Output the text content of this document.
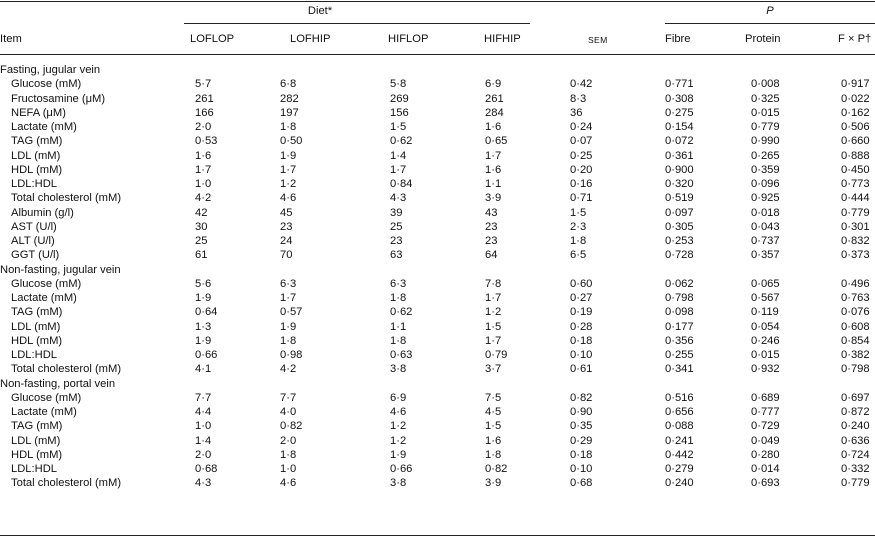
Diet*	P
Item	LOFLOP	LOFHIP	HIFLOP	HIFHIP	SEM	Fibre	Protein	F × P†
Fasting, jugular vein
Glucose (mM)	5·7	6·8	5·8	6·9	0·42	0·771	0·008	0·917
Fructosamine (μM)	261	282	269	261	8·3	0·308	0·325	0·022
NEFA (μM)	166	197	156	284	36	0·275	0·015	0·162
Lactate (mM)	2·0	1·8	1·5	1·6	0·24	0·154	0·779	0·506
TAG (mM)	0·53	0·50	0·62	0·65	0·07	0·072	0·990	0·660
LDL (mM)	1·6	1·9	1·4	1·7	0·25	0·361	0·265	0·888
HDL (mM)	1·7	1·7	1·7	1·6	0·20	0·900	0·359	0·450
LDL:HDL	1·0	1·2	0·84	1·1	0·16	0·320	0·096	0·773
Total cholesterol (mM)	4·2	4·6	4·3	3·9	0·71	0·519	0·925	0·444
Albumin (g/l)	42	45	39	43	1·5	0·097	0·018	0·779
AST (U/l)	30	23	25	23	2·3	0·305	0·043	0·301
ALT (U/l)	25	24	23	23	1·8	0·253	0·737	0·832
GGT (U/l)	61	70	63	64	6·5	0·728	0·357	0·373
Non-fasting, jugular vein
Glucose (mM)	5·6	6·3	6·3	7·8	0·60	0·062	0·065	0·496
Lactate (mM)	1·9	1·7	1·8	1·7	0·27	0·798	0·567	0·763
TAG (mM)	0·64	0·57	0·62	1·2	0·19	0·098	0·119	0·076
LDL (mM)	1·3	1·9	1·1	1·5	0·28	0·177	0·054	0·608
HDL (mM)	1·9	1·8	1·8	1·7	0·18	0·356	0·246	0·854
LDL:HDL	0·66	0·98	0·63	0·79	0·10	0·255	0·015	0·382
Total cholesterol (mM)	4·1	4·2	3·8	3·7	0·61	0·341	0·932	0·798
Non-fasting, portal vein
Glucose (mM)	7·7	7·7	6·9	7·5	0·82	0·516	0·689	0·697
Lactate (mM)	4·4	4·0	4·6	4·5	0·90	0·656	0·777	0·872
TAG (mM)	1·0	0·82	1·2	1·5	0·35	0·088	0·729	0·240
LDL (mM)	1·4	2·0	1·2	1·6	0·29	0·241	0·049	0·636
HDL (mM)	2·0	1·8	1·9	1·8	0·18	0·442	0·280	0·724
LDL:HDL	0·68	1·0	0·66	0·82	0·10	0·279	0·014	0·332
Total cholesterol (mM)	4·3	4·6	3·8	3·9	0·68	0·240	0·693	0·779
